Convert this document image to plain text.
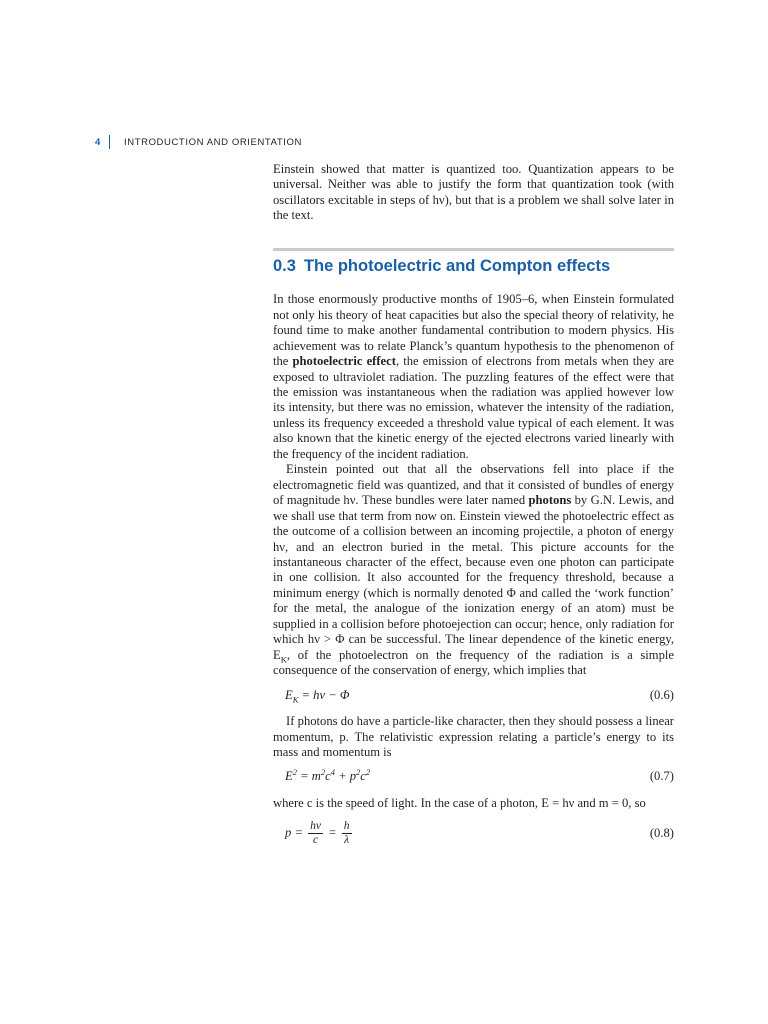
4	INTRODUCTION AND ORIENTATION

Einstein showed that matter is quantized too. Quantization appears to be universal. Neither was able to justify the form that quantization took (with oscillators excitable in steps of hν), but that is a problem we shall solve later in the text.

0.3 The photoelectric and Compton effects

In those enormously productive months of 1905–6, when Einstein formulated not only his theory of heat capacities but also the special theory of relativity, he found time to make another fundamental contribution to modern physics. His achievement was to relate Planck’s quantum hypothesis to the phenomenon of the photoelectric effect, the emission of electrons from metals when they are exposed to ultraviolet radiation. The puzzling features of the effect were that the emission was instantaneous when the radiation was applied however low its intensity, but there was no emission, whatever the intensity of the radiation, unless its frequency exceeded a threshold value typical of each element. It was also known that the kinetic energy of the ejected electrons varied linearly with the frequency of the incident radiation.

Einstein pointed out that all the observations fell into place if the electromagnetic field was quantized, and that it consisted of bundles of energy of magnitude hν. These bundles were later named photons by G.N. Lewis, and we shall use that term from now on. Einstein viewed the photoelectric effect as the outcome of a collision between an incoming projectile, a photon of energy hν, and an electron buried in the metal. This picture accounts for the instantaneous character of the effect, because even one photon can participate in one collision. It also accounted for the frequency threshold, because a minimum energy (which is normally denoted Φ and called the ‘work function’ for the metal, the analogue of the ionization energy of an atom) must be supplied in a collision before photoejection can occur; hence, only radiation for which hν > Φ can be successful. The linear dependence of the kinetic energy, $E_K$, of the photoelectron on the frequency of the radiation is a simple consequence of the conservation of energy, which implies that

$E_K = h\nu - \Phi$	(0.6)

If photons do have a particle-like character, then they should possess a linear momentum, p. The relativistic expression relating a particle’s energy to its mass and momentum is

$E^2 = m^2c^4 + p^2c^2$	(0.7)

where c is the speed of light. In the case of a photon, E = hν and m = 0, so

$p = \frac{h\nu}{c} = \frac{h}{\lambda}$	(0.8)
